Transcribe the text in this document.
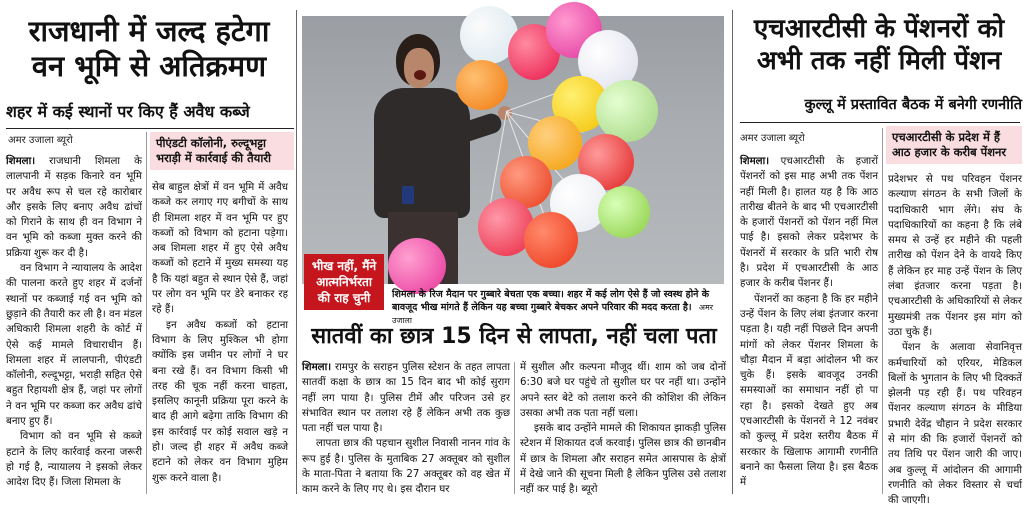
राजधानी में जल्द हटेगा
वन भूमि से अतिक्रमण
शहर में कई स्थानों पर किए हैं अवैध कब्जे
अमर उजाला ब्यूरो

शिमला। राजधानी शिमला के लालपानी में सड़क किनारे वन भूमि पर अवैध रूप से चल रहे कारोबार और इसके लिए बनाए अवैध ढांचों को गिराने के साथ ही वन विभाग ने वन भूमि को कब्जा मुक्त करने की प्रक्रिया शुरू कर दी है।

वन विभाग ने न्यायालय के आदेश की पालना करते हुए शहर में दर्जनों स्थानों पर कब्जाई गई वन भूमि को छुड़ाने की तैयारी कर ली है। वन मंडल अधिकारी शिमला शहरी के कोर्ट में ऐसे कई मामले विचाराधीन हैं। शिमला शहर में लालपानी, पीएंडटी कॉलोनी, रुल्दूभट्टा, भराड़ी सहित ऐसे बहुत रिहायशी क्षेत्र हैं, जहां पर लोगों ने वन भूमि पर कब्जा कर अवैध ढांचे बनाए हुए हैं।

विभाग को वन भूमि से कब्जे हटाने के लिए कार्रवाई करना जरूरी हो गई है, न्यायालय ने इसको लेकर आदेश दिए हैं। जिला शिमला के

पीएंडटी कॉलोनी, रुल्दूभट्टा भराड़ी में कार्रवाई की तैयारी

सेब बाहुल क्षेत्रों में वन भूमि में अवैध कब्जे कर लगाए गए बगीचों के साथ ही शिमला शहर में वन भूमि पर हुए कब्जों को विभाग को हटाना पड़ेगा। अब शिमला शहर में हुए ऐसे अवैध कब्जों को हटाने में मुख्य समस्या यह है कि यहां बहुत से स्थान ऐसे हैं, जहां पर लोग वन भूमि पर डेरे बनाकर रह रहे हैं।

इन अवैध कब्जों को हटाना विभाग के लिए मुश्किल भी होगा क्योंकि इस जमीन पर लोगों ने घर बना रखे हैं। वन विभाग किसी भी तरह की चूक नहीं करना चाहता, इसलिए कानूनी प्रक्रिया पूरा करने के बाद ही आगे बढ़ेगा ताकि विभाग की इस कार्रवाई पर कोई सवाल खड़े न हो। जल्द ही शहर में अवैध कब्जे हटाने को लेकर वन विभाग मुहिम शुरू करने वाला है।

भीख नहीं, मैंने आत्मनिर्भरता की राह चुनी	शिमला के रिज मैदान पर गुब्बारे बेचता एक बच्चा। शहर में कई लोग ऐसे हैं जो स्वस्थ होने के बावजूद भीख मांगते हैं लेकिन यह बच्चा गुब्बारे बेचकर अपने परिवार की मदद करता है। अमर उजाला
सातवीं का छात्र 15 दिन से लापता, नहीं चला पता

शिमला। रामपुर के सराहन पुलिस स्टेशन के तहत लापता सातवीं कक्षा के छात्र का 15 दिन बाद भी कोई सुराग नहीं लग पाया है। पुलिस टीमें और परिजन उसे हर संभावित स्थान पर तलाश रहे हैं लेकिन अभी तक कुछ पता नहीं चल पाया है।

लापता छात्र की पहचान सुशील निवासी नानन गांव के रूप हुई है। पुलिस के मुताबिक 27 अक्तूबर को सुशील के माता-पिता ने बताया कि 27 अक्तूबर को वह खेत में काम करने के लिए गए थे। इस दौरान घर

में सुशील और कल्पना मौजूद थीं। शाम को जब दोनों 6:30 बजे घर पहुंचे तो सुशील घर पर नहीं था। उन्होंने अपने स्तर बेटे को तलाश करने की कोशिश की लेकिन उसका अभी तक पता नहीं चला।

इसके बाद उन्होंने मामले की शिकायत झाकड़ी पुलिस स्टेशन में शिकायत दर्ज करवाई। पुलिस छात्र की छानबीन में छात्र के शिमला और सराहन समेत आसपास के क्षेत्रों में देखे जाने की सूचना मिली है लेकिन पुलिस उसे तलाश नहीं कर पाई है। ब्यूरो

एचआरटीसी के पेंशनरों को
अभी तक नहीं मिली पेंशन
कुल्लू में प्रस्तावित बैठक में बनेगी रणनीति
अमर उजाला ब्यूरो

शिमला। एचआरटीसी के हजारों पेंशनरों को इस माह अभी तक पेंशन नहीं मिली है। हालत यह है कि आठ तारीख बीतने के बाद भी एचआरटीसी के हजारों पेंशनरों को पेंशन नहीं मिल पाई है। इसको लेकर प्रदेशभर के पेंशनरों में सरकार के प्रति भारी रोष है। प्रदेश में एचआरटीसी के आठ हजार के करीब पेंशनर हैं।

पेंशनरों का कहना है कि हर महीने उन्हें पेंशन के लिए लंबा इंतजार करना पड़ता है। यही नहीं पिछले दिन अपनी मांगों को लेकर पेंशनर शिमला के चौड़ा मैदान में बड़ा आंदोलन भी कर चुके हैं। इसके बावजूद उनकी समस्याओं का समाधान नहीं हो पा रहा है। इसको देखते हुए अब एचआरटीसी के पेंशनरों ने 12 नवंबर को कुल्लू में प्रदेश स्तरीय बैठक में सरकार के खिलाफ आगामी रणनीति बनाने का फैसला लिया है। इस बैठक में

एचआरटीसी के प्रदेश में हैं आठ हजार के करीब पेंशनर

प्रदेशभर से पथ परिवहन पेंशनर कल्याण संगठन के सभी जिलों के पदाधिकारी भाग लेंगे। संघ के पदाधिकारियों का कहना है कि लंबे समय से उन्हें हर महीने की पहली तारीख को पेंशन देने के वायदे किए हैं लेकिन हर माह उन्हें पेंशन के लिए लंबा इंतजार करना पड़ता है। एचआरटीसी के अधिकारियों से लेकर मुख्यमंत्री तक पेंशनर इस मांग को उठा चुके हैं।

पेंशन के अलावा सेवानिवृत्त कर्मचारियों को एरियर, मेडिकल बिलों के भुगतान के लिए भी दिक्कतें झेलनी पड़ रही हैं। पथ परिवहन पेंशनर कल्याण संगठन के मीडिया प्रभारी देवेंद्र चौहान ने प्रदेश सरकार से मांग की कि हजारों पेंशनरों को तय तिथि पर पेंशन जारी की जाए। अब कुल्लू में आंदोलन की आगामी रणनीति को लेकर विस्तार से चर्चा की जाएगी।
